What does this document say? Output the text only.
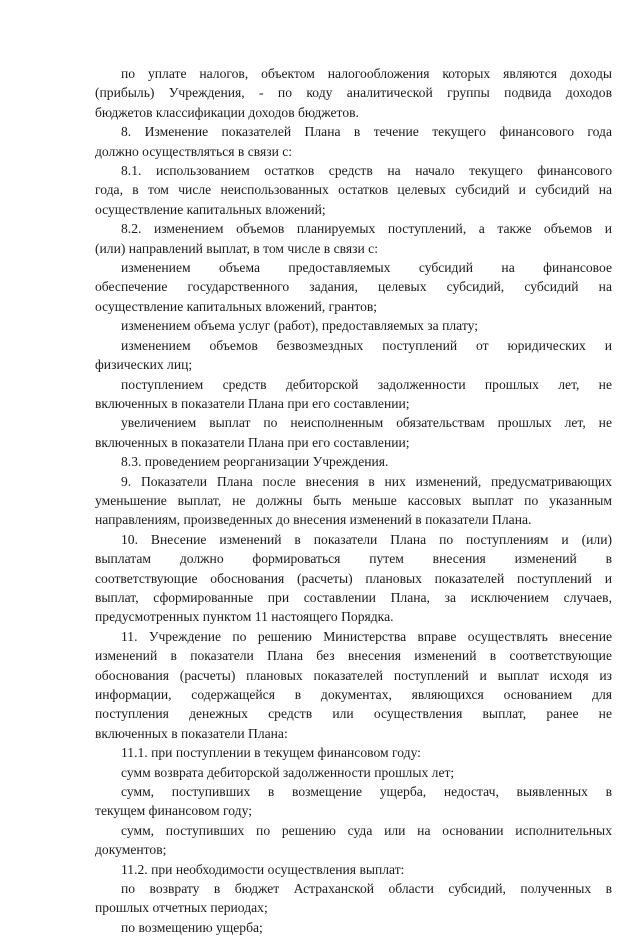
по уплате налогов, объектом налогообложения которых являются доходы
(прибыль) Учреждения, - по коду аналитической группы подвида доходов
бюджетов классификации доходов бюджетов.
8. Изменение показателей Плана в течение текущего финансового года
должно осуществляться в связи с:
8.1. использованием остатков средств на начало текущего финансового
года, в том числе неиспользованных остатков целевых субсидий и субсидий на
осуществление капитальных вложений;
8.2. изменением объемов планируемых поступлений, а также объемов и
(или) направлений выплат, в том числе в связи с:
изменением объема предоставляемых субсидий на финансовое
обеспечение государственного задания, целевых субсидий, субсидий на
осуществление капитальных вложений, грантов;
изменением объема услуг (работ), предоставляемых за плату;
изменением объемов безвозмездных поступлений от юридических и
физических лиц;
поступлением средств дебиторской задолженности прошлых лет, не
включенных в показатели Плана при его составлении;
увеличением выплат по неисполненным обязательствам прошлых лет, не
включенных в показатели Плана при его составлении;
8.3. проведением реорганизации Учреждения.
9. Показатели Плана после внесения в них изменений, предусматривающих
уменьшение выплат, не должны быть меньше кассовых выплат по указанным
направлениям, произведенных до внесения изменений в показатели Плана.
10. Внесение изменений в показатели Плана по поступлениям и (или)
выплатам должно формироваться путем внесения изменений в
соответствующие обоснования (расчеты) плановых показателей поступлений и
выплат, сформированные при составлении Плана, за исключением случаев,
предусмотренных пунктом 11 настоящего Порядка.
11. Учреждение по решению Министерства вправе осуществлять внесение
изменений в показатели Плана без внесения изменений в соответствующие
обоснования (расчеты) плановых показателей поступлений и выплат исходя из
информации, содержащейся в документах, являющихся основанием для
поступления денежных средств или осуществления выплат, ранее не
включенных в показатели Плана:
11.1. при поступлении в текущем финансовом году:
сумм возврата дебиторской задолженности прошлых лет;
сумм, поступивших в возмещение ущерба, недостач, выявленных в
текущем финансовом году;
сумм, поступивших по решению суда или на основании исполнительных
документов;
11.2. при необходимости осуществления выплат:
по возврату в бюджет Астраханской области субсидий, полученных в
прошлых отчетных периодах;
по возмещению ущерба;
